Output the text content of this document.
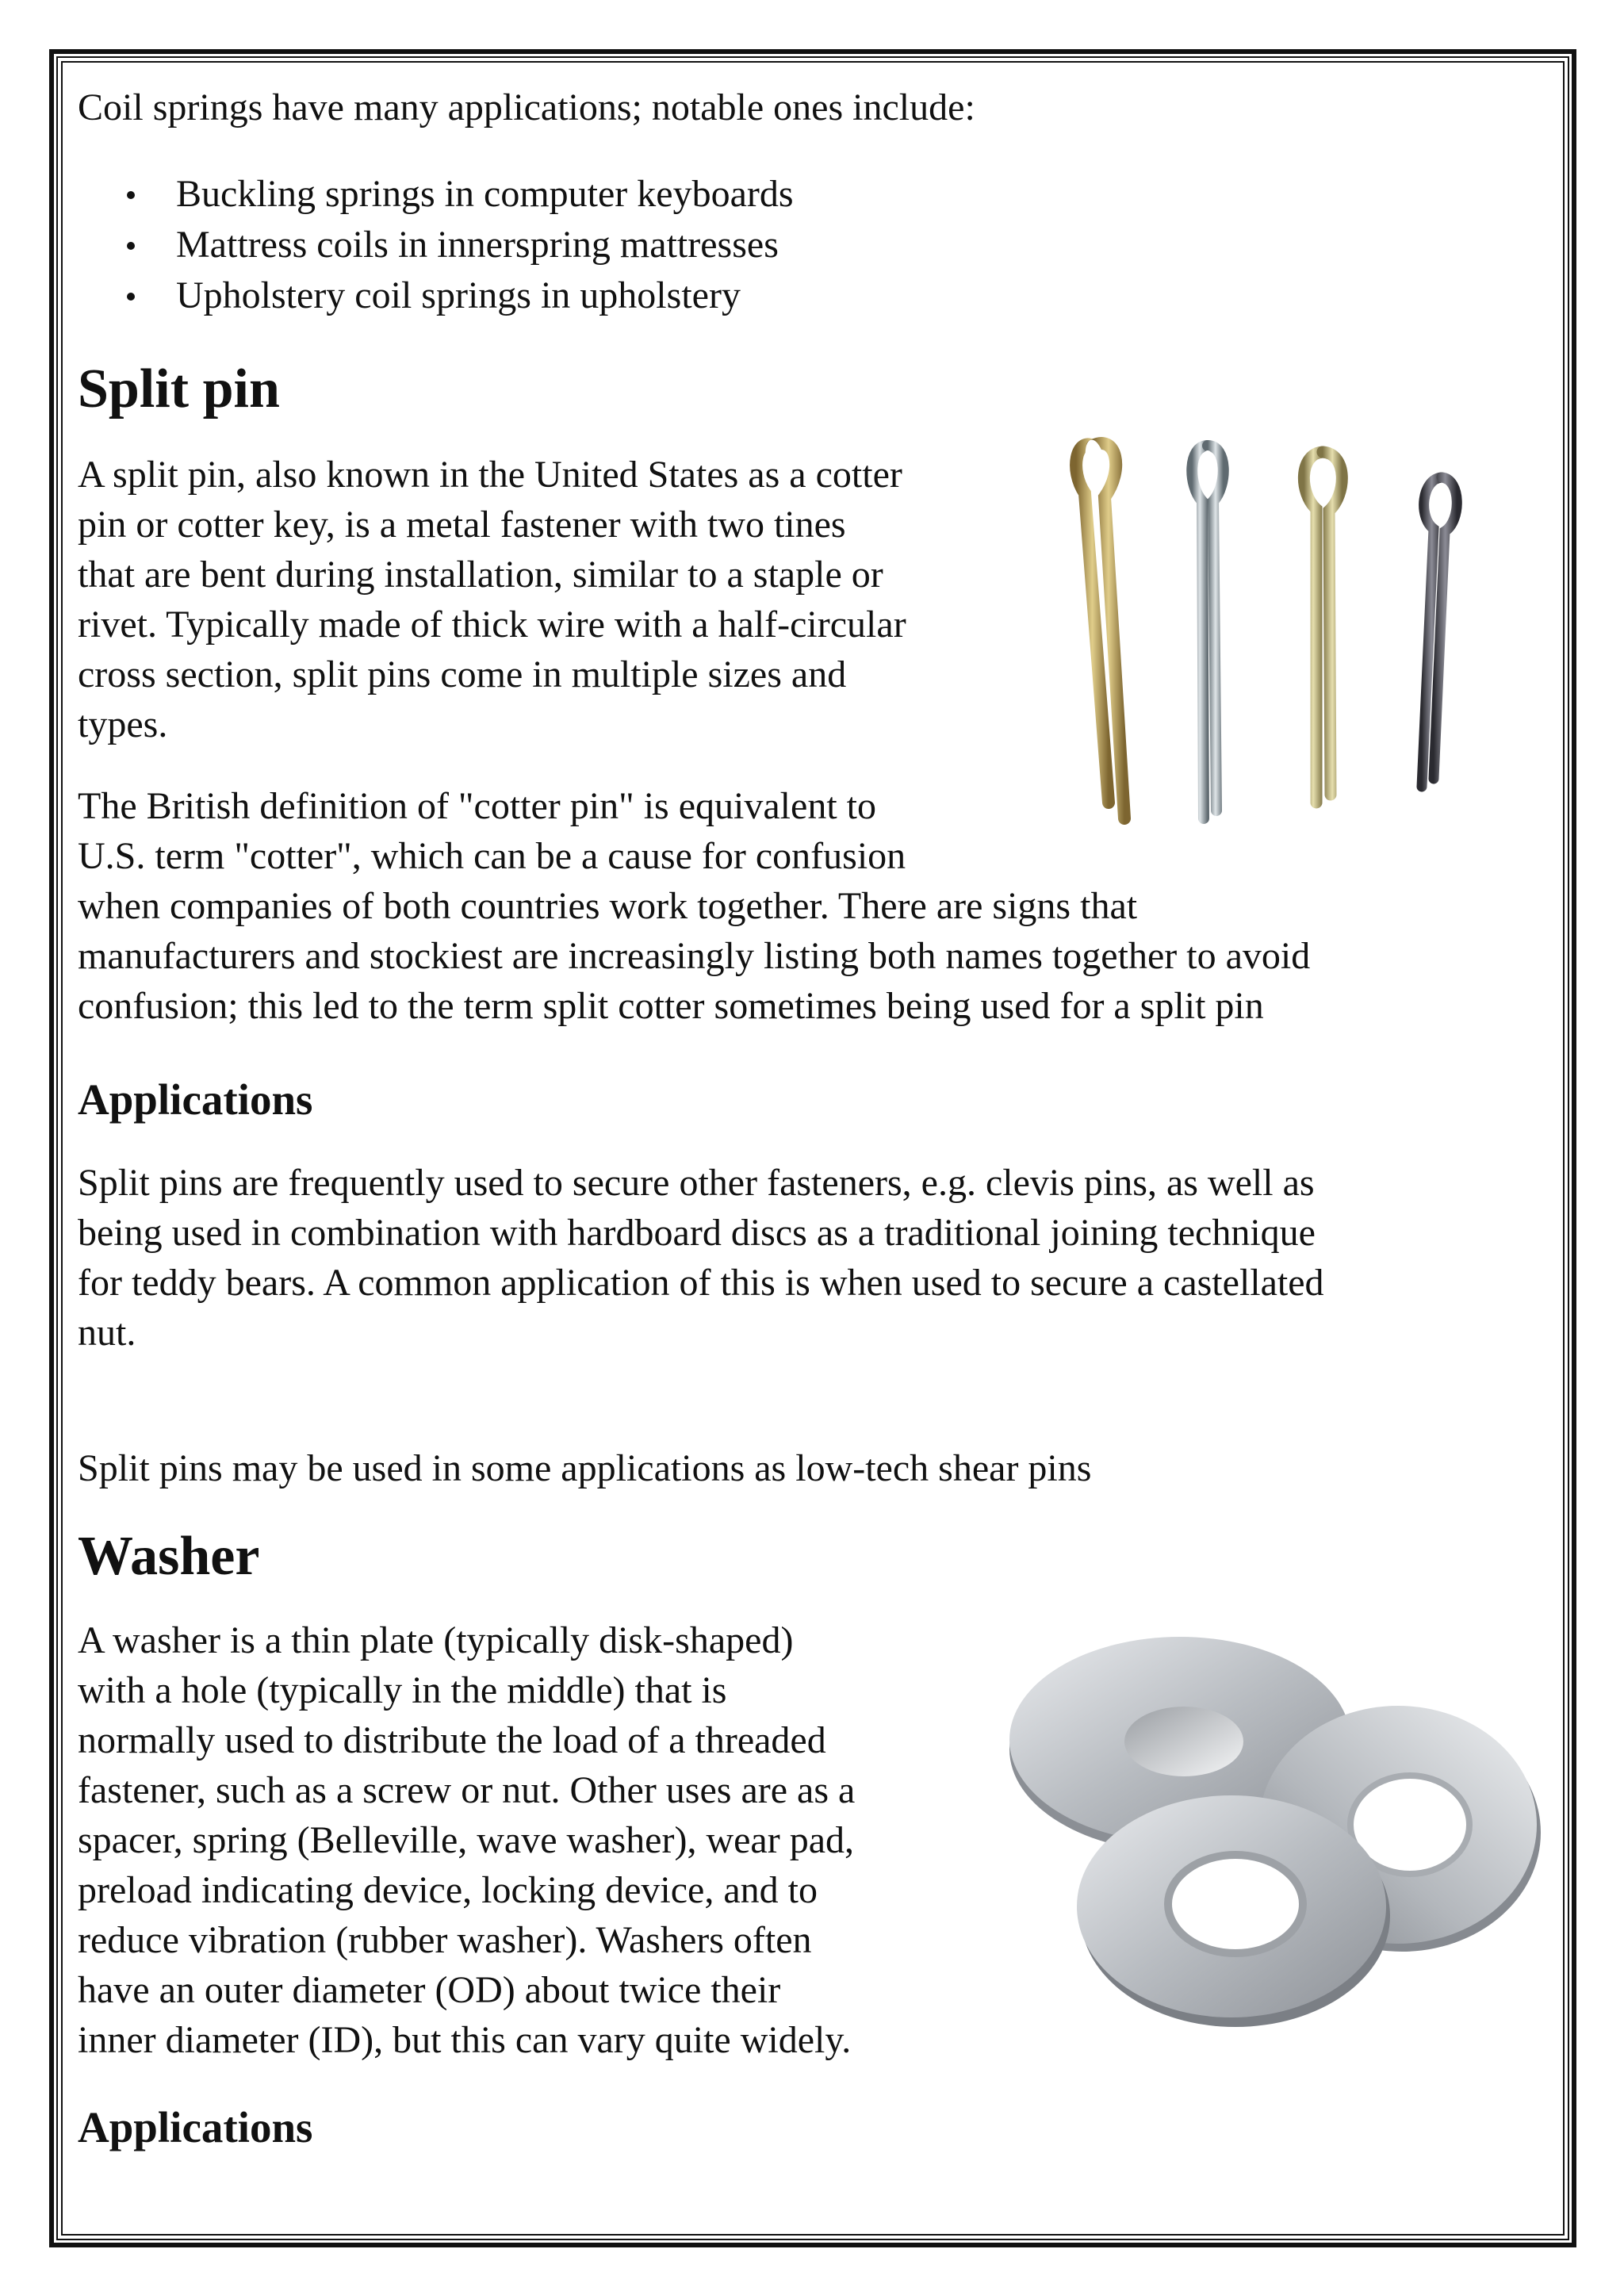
Coil springs have many applications; notable ones include:

Buckling springs in computer keyboards
Mattress coils in innerspring mattresses
Upholstery coil springs in upholstery
Split pin
A split pin, also known in the United States as a cotter
pin or cotter key, is a metal fastener with two tines
that are bent during installation, similar to a staple or
rivet. Typically made of thick wire with a half-circular
cross section, split pins come in multiple sizes and
types.
The British definition of "cotter pin" is equivalent to
U.S. term "cotter", which can be a cause for confusion
when companies of both countries work together. There are signs that
manufacturers and stockiest are increasingly listing both names together to avoid
confusion; this led to the term split cotter sometimes being used for a split pin
Applications
Split pins are frequently used to secure other fasteners, e.g. clevis pins, as well as
being used in combination with hardboard discs as a traditional joining technique
for teddy bears. A common application of this is when used to secure a castellated
nut.

Split pins may be used in some applications as low-tech shear pins

Washer
A washer is a thin plate (typically disk-shaped)
with a hole (typically in the middle) that is
normally used to distribute the load of a threaded
fastener, such as a screw or nut. Other uses are as a
spacer, spring (Belleville, wave washer), wear pad,
preload indicating device, locking device, and to
reduce vibration (rubber washer). Washers often
have an outer diameter (OD) about twice their
inner diameter (ID), but this can vary quite widely.
Applications
